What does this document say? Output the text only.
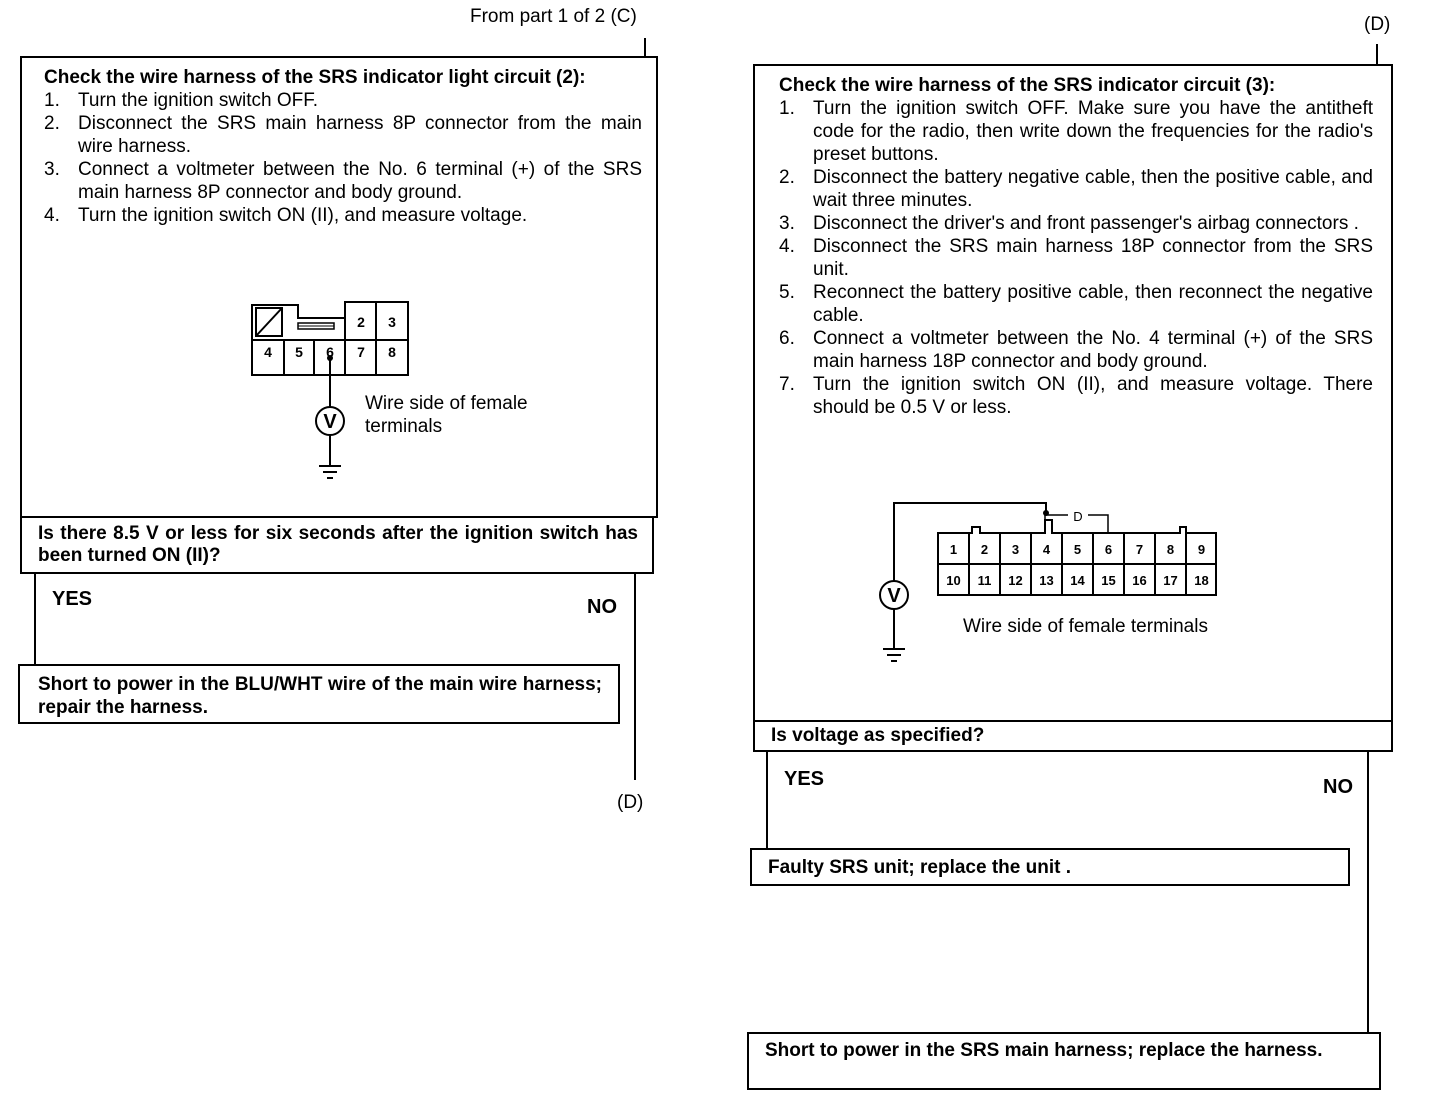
From part 1 of 2 (C)
Check the wire harness of the SRS indicator light circuit (2):
1. Turn the ignition switch OFF.
2. Disconnect the SRS main harness 8P connector from the main wire harness.
3. Connect a voltmeter between the No. 6 terminal (+) of the SRS main harness 8P connector and body ground.
4. Turn the ignition switch ON (II), and measure voltage.
2 3
4 5 6 7 8
V
Wire side of female
terminals
Is there 8.5 V or less for six seconds after the ignition switch has been turned ON (II)?
YES	NO
Short to power in the BLU/WHT wire of the main wire harness; repair the harness.
(D)
(D)
Check the wire harness of the SRS indicator circuit (3):
1. Turn the ignition switch OFF. Make sure you have the antitheft code for the radio, then write down the frequencies for the radio's preset buttons.
2. Disconnect the battery negative cable, then the positive cable, and wait three minutes.
3. Disconnect the driver's and front passenger's airbag connectors .
4. Disconnect the SRS main harness 18P connector from the SRS unit.
5. Reconnect the battery positive cable, then reconnect the negative cable.
6. Connect a voltmeter between the No. 4 terminal (+) of the SRS main harness 18P connector and body ground.
7. Turn the ignition switch ON (II), and measure voltage. There should be 0.5 V or less.
D
V
1 2 3 4 5 6 7 8 9
10 11 12 13 14 15 16 17 18
Wire side of female terminals
Is voltage as specified?
YES	NO
Faulty SRS unit; replace the unit .
Short to power in the SRS main harness; replace the harness.
